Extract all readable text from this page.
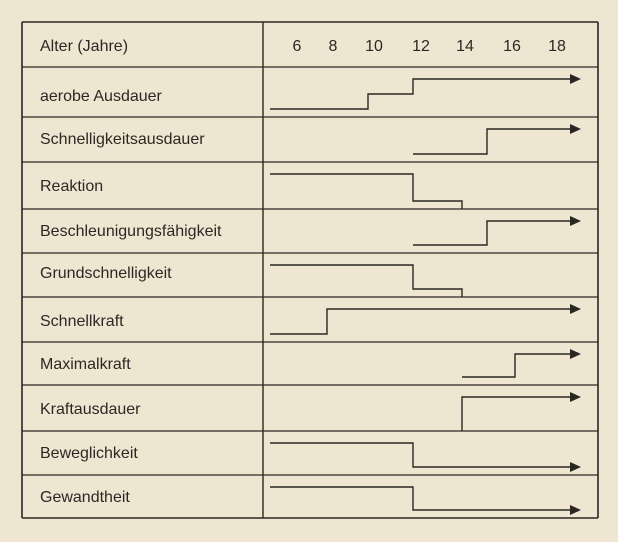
Alter (Jahre)	6 8 10 12 14 16 18
aerobe Ausdauer
Schnelligkeitsausdauer
Reaktion
Beschleunigungsfähigkeit
Grundschnelligkeit
Schnellkraft
Maximalkraft
Kraftausdauer
Beweglichkeit
Gewandtheit
